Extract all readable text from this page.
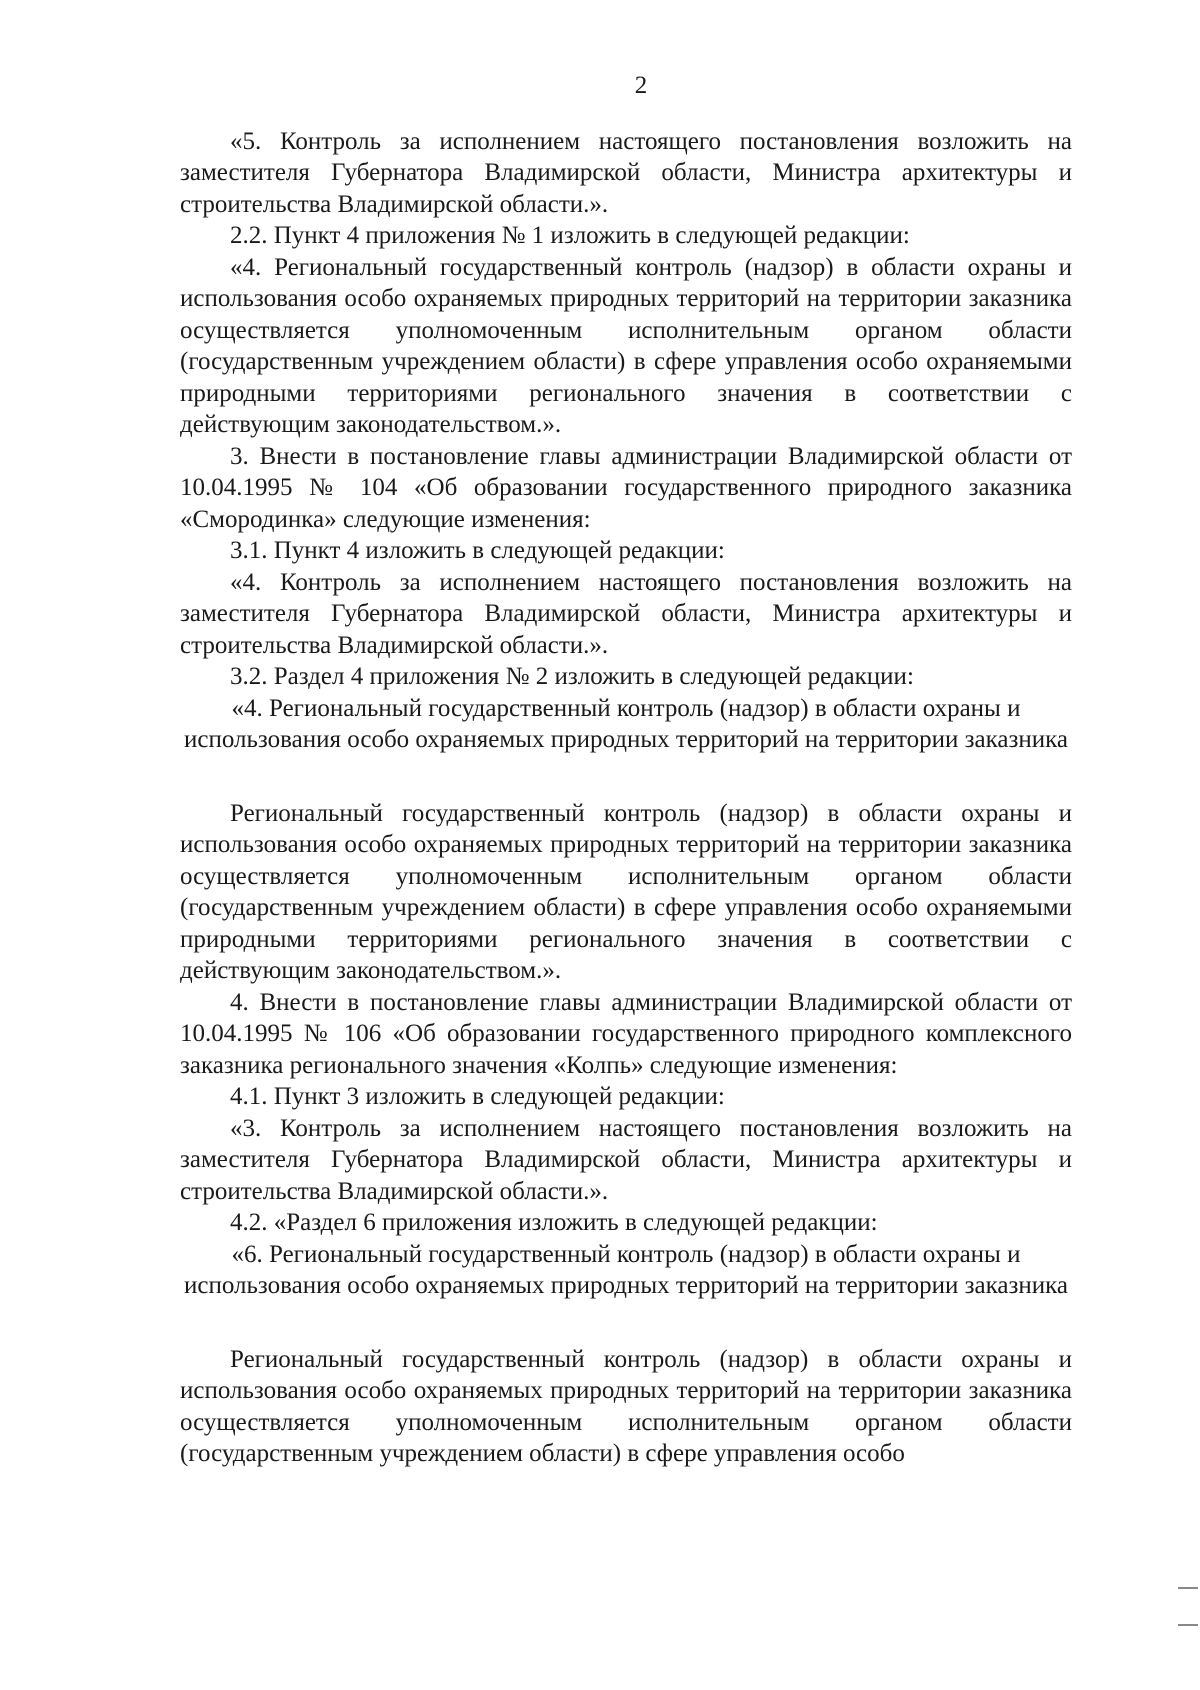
2

«5. Контроль за исполнением настоящего постановления возложить на заместителя Губернатора Владимирской области, Министра архитектуры и строительства Владимирской области.».

2.2. Пункт 4 приложения № 1 изложить в следующей редакции:

«4. Региональный государственный контроль (надзор) в области охраны и использования особо охраняемых природных территорий на территории заказника осуществляется уполномоченным исполнительным органом области (государственным учреждением области) в сфере управления особо охраняемыми природными территориями регионального значения в соответствии с действующим законодательством.».

3. Внести в постановление главы администрации Владимирской области от 10.04.1995 № 104 «Об образовании государственного природного заказника «Смородинка» следующие изменения:

3.1. Пункт 4 изложить в следующей редакции:

«4. Контроль за исполнением настоящего постановления возложить на заместителя Губернатора Владимирской области, Министра архитектуры и строительства Владимирской области.».

3.2. Раздел 4 приложения № 2 изложить в следующей редакции:

«4. Региональный государственный контроль (надзор) в области охраны и использования особо охраняемых природных территорий на территории заказника

Региональный государственный контроль (надзор) в области охраны и использования особо охраняемых природных территорий на территории заказника осуществляется уполномоченным исполнительным органом области (государственным учреждением области) в сфере управления особо охраняемыми природными территориями регионального значения в соответствии с действующим законодательством.».

4. Внести в постановление главы администрации Владимирской области от 10.04.1995 № 106 «Об образовании государственного природного комплексного заказника регионального значения «Колпь» следующие изменения:

4.1. Пункт 3 изложить в следующей редакции:

«3. Контроль за исполнением настоящего постановления возложить на заместителя Губернатора Владимирской области, Министра архитектуры и строительства Владимирской области.».

4.2. «Раздел 6 приложения изложить в следующей редакции:

«6. Региональный государственный контроль (надзор) в области охраны и использования особо охраняемых природных территорий на территории заказника

Региональный государственный контроль (надзор) в области охраны и использования особо охраняемых природных территорий на территории заказника осуществляется уполномоченным исполнительным органом области (государственным учреждением области) в сфере управления особо
